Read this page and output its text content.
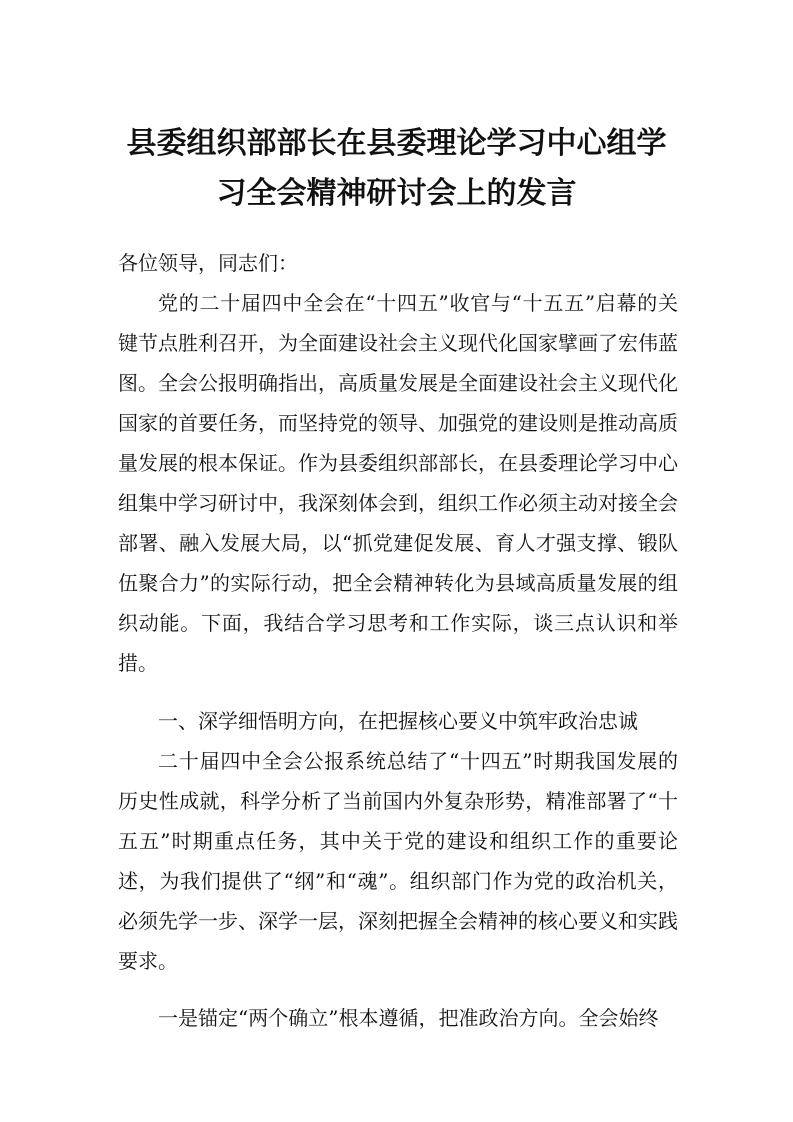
县委组织部部长在县委理论学习中心组学
习全会精神研讨会上的发言

各位领导，同志们：

党的二十届四中全会在“十四五”收官与“十五五”启幕的关键节点胜利召开，为全面建设社会主义现代化国家擘画了宏伟蓝图。全会公报明确指出，高质量发展是全面建设社会主义现代化国家的首要任务，而坚持党的领导、加强党的建设则是推动高质量发展的根本保证。作为县委组织部部长，在县委理论学习中心组集中学习研讨中，我深刻体会到，组织工作必须主动对接全会部署、融入发展大局，以“抓党建促发展、育人才强支撑、锻队伍聚合力”的实际行动，把全会精神转化为县域高质量发展的组织动能。下面，我结合学习思考和工作实际，谈三点认识和举措。

一、深学细悟明方向，在把握核心要义中筑牢政治忠诚

二十届四中全会公报系统总结了“十四五”时期我国发展的历史性成就，科学分析了当前国内外复杂形势，精准部署了“十五五”时期重点任务，其中关于党的建设和组织工作的重要论述，为我们提供了“纲”和“魂”。组织部门作为党的政治机关，必须先学一步、深学一层，深刻把握全会精神的核心要义和实践要求。

一是锚定“两个确立”根本遵循，把准政治方向。全会始终
